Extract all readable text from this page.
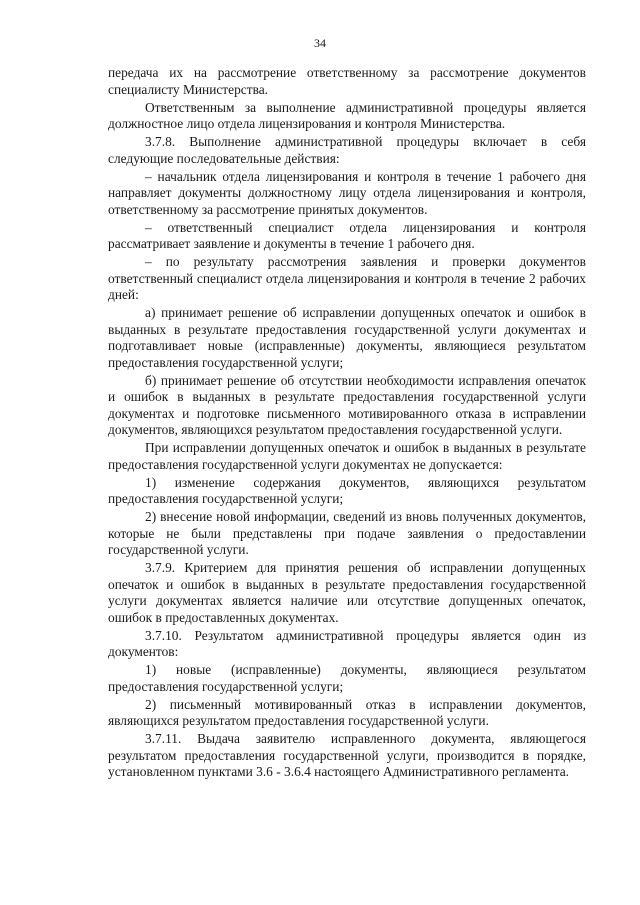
34

передача их на рассмотрение ответственному за рассмотрение документов специалисту Министерства.

Ответственным за выполнение административной процедуры является должностное лицо отдела лицензирования и контроля Министерства.

3.7.8. Выполнение административной процедуры включает в себя следующие последовательные действия:

– начальник отдела лицензирования и контроля в течение 1 рабочего дня направляет документы должностному лицу отдела лицензирования и контроля, ответственному за рассмотрение принятых документов.

– ответственный специалист отдела лицензирования и контроля рассматривает заявление и документы в течение 1 рабочего дня.

– по результату рассмотрения заявления и проверки документов ответственный специалист отдела лицензирования и контроля в течение 2 рабочих дней:

а) принимает решение об исправлении допущенных опечаток и ошибок в выданных в результате предоставления государственной услуги документах и подготавливает новые (исправленные) документы, являющиеся результатом предоставления государственной услуги;

б) принимает решение об отсутствии необходимости исправления опечаток и ошибок в выданных в результате предоставления государственной услуги документах и подготовке письменного мотивированного отказа в исправлении документов, являющихся результатом предоставления государственной услуги.

При исправлении допущенных опечаток и ошибок в выданных в результате предоставления государственной услуги документах не допускается:

1) изменение содержания документов, являющихся результатом предоставления государственной услуги;

2) внесение новой информации, сведений из вновь полученных документов, которые не были представлены при подаче заявления о предоставлении государственной услуги.

3.7.9. Критерием для принятия решения об исправлении допущенных опечаток и ошибок в выданных в результате предоставления государственной услуги документах является наличие или отсутствие допущенных опечаток, ошибок в предоставленных документах.

3.7.10. Результатом административной процедуры является один из документов:

1) новые (исправленные) документы, являющиеся результатом предоставления государственной услуги;

2) письменный мотивированный отказ в исправлении документов, являющихся результатом предоставления государственной услуги.

3.7.11. Выдача заявителю исправленного документа, являющегося результатом предоставления государственной услуги, производится в порядке, установленном пунктами 3.6 - 3.6.4 настоящего Административного регламента.
